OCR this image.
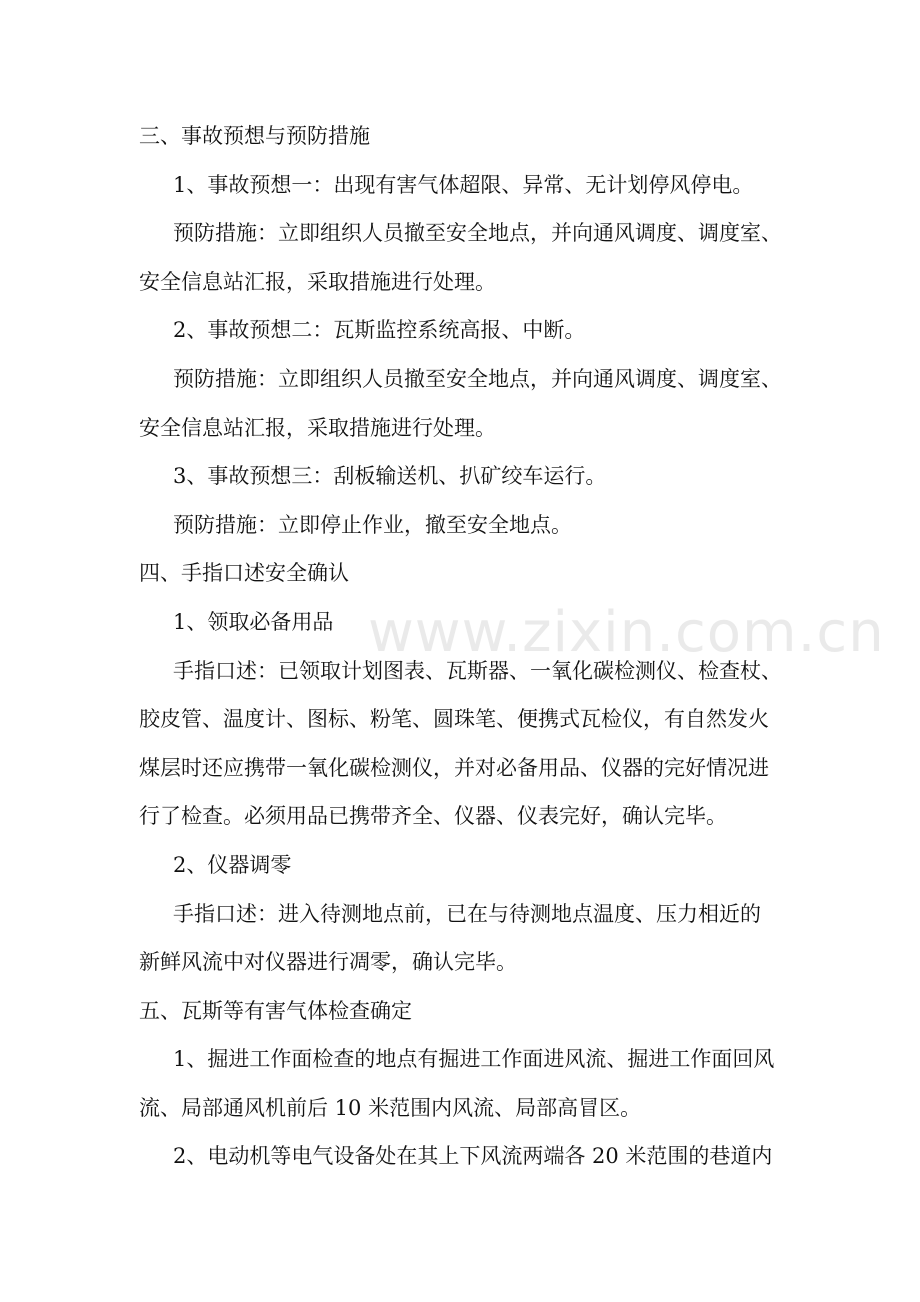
www.zixin.com.cn
三、事故预想与预防措施
1、事故预想一：出现有害气体超限、异常、无计划停风停电。
预防措施：立即组织人员撤至安全地点，并向通风调度、调度室、
安全信息站汇报，采取措施进行处理。
2、事故预想二：瓦斯监控系统高报、中断。
预防措施：立即组织人员撤至安全地点，并向通风调度、调度室、
安全信息站汇报，采取措施进行处理。
3、事故预想三：刮板输送机、扒矿绞车运行。
预防措施：立即停止作业，撤至安全地点。
四、手指口述安全确认
1、领取必备用品
手指口述：已领取计划图表、瓦斯器、一氧化碳检测仪、检查杖、
胶皮管、温度计、图标、粉笔、圆珠笔、便携式瓦检仪，有自然发火
煤层时还应携带一氧化碳检测仪，并对必备用品、仪器的完好情况进
行了检查。必须用品已携带齐全、仪器、仪表完好，确认完毕。
2、仪器调零
手指口述：进入待测地点前，已在与待测地点温度、压力相近的
新鲜风流中对仪器进行凋零，确认完毕。
五、瓦斯等有害气体检查确定
1、掘进工作面检查的地点有掘进工作面进风流、掘进工作面回风
流、局部通风机前后 10 米范围内风流、局部高冒区。
2、电动机等电气设备处在其上下风流两端各 20 米范围的巷道内
